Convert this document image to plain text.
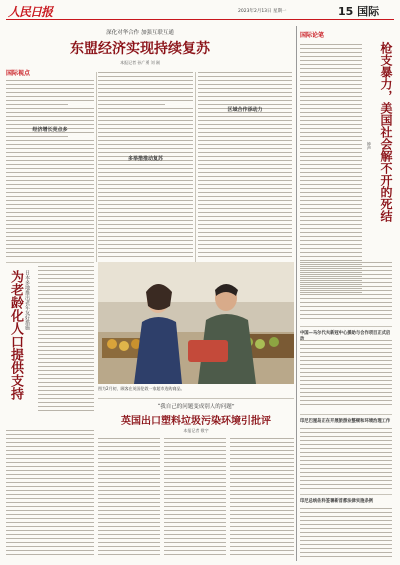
人民日报	2023年2月13日 星期一	15 国际
深化对华合作 加强互联互通
东盟经济实现持续复苏
本报记者 孙广勇 刘 刚
国际视点
经济增长亮点多
多举措推动复苏
区域合作添动力
为老龄化人口提供支持 日本多地推出老年友好措施
图为2月初，顾客在英国伦敦一家超市选购商品。
“我自己的问题变成别人的问题”
英国出口塑料垃圾污染环境引批评
本报记者 敬宇
国际论笔
枪支暴力，美国社会解不开的死结
钟声
中国—马尔代夫新冠中心援助与合作项目正式启
印尼巴厘岛正在开展旅游业整顿和环境治理工作
印尼总统佐科签署新首都法律实施条例
